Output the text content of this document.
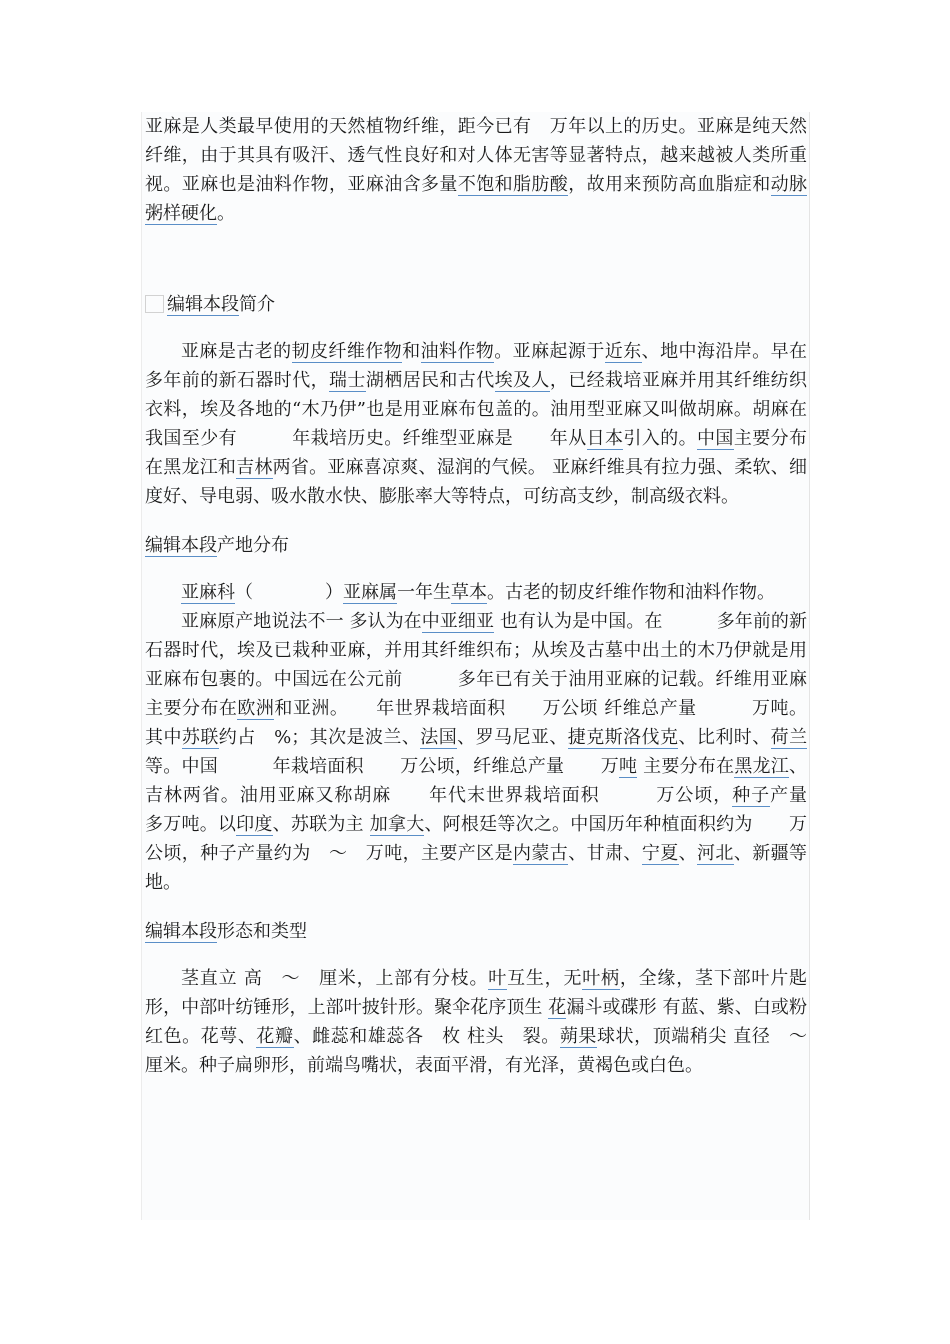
亚麻是人类最早使用的天然植物纤维，距今已有　万年以上的历史。亚麻是纯天然纤维，由于其具有吸汗、透气性良好和对人体无害等显著特点，越来越被人类所重视。亚麻也是油料作物，亚麻油含多量不饱和脂肪酸，故用来预防高血脂症和动脉粥样硬化。

编辑本段简介

亚麻是古老的韧皮纤维作物和油料作物。亚麻起源于近东、地中海沿岸。早在　　　多年前的新石器时代，瑞士湖栖居民和古代埃及人，已经栽培亚麻并用其纤维纺织衣料，埃及各地的“木乃伊”也是用亚麻布包盖的。油用型亚麻又叫做胡麻。胡麻在我国至少有　　　年栽培历史。纤维型亚麻是　　年从日本引入的。中国主要分布在黑龙江和吉林两省。亚麻喜凉爽、湿润的气候。 亚麻纤维具有拉力强、柔软、细度好、导电弱、吸水散水快、膨胀率大等特点，可纺高支纱，制高级衣料。

编辑本段产地分布

亚麻科（　　　　）亚麻属一年生草本。古老的韧皮纤维作物和油料作物。

亚麻原产地说法不一 多认为在中亚细亚 也有认为是中国。在　　　多年前的新石器时代，埃及已栽种亚麻，并用其纤维织布；从埃及古墓中出土的木乃伊就是用亚麻布包裹的。中国远在公元前　　　多年已有关于油用亚麻的记载。纤维用亚麻主要分布在欧洲和亚洲。　　年世界栽培面积　　万公顷 纤维总产量　　　万吨。其中苏联约占　%；其次是波兰、法国、罗马尼亚、捷克斯洛伐克、比利时、荷兰等。中国　　　年栽培面积　　万公顷，纤维总产量　　万吨 主要分布在黑龙江、吉林两省。油用亚麻又称胡麻　　年代末世界栽培面积　　　万公顷，种子产量　　多万吨。以印度、苏联为主 加拿大、阿根廷等次之。中国历年种植面积约为　　万公顷，种子产量约为　～　万吨，主要产区是内蒙古、甘肃、宁夏、河北、新疆等地。

编辑本段形态和类型

茎直立 高　～　厘米，上部有分枝。叶互生，无叶柄，全缘，茎下部叶片匙形，中部叶纺锤形，上部叶披针形。聚伞花序顶生 花漏斗或碟形 有蓝、紫、白或粉红色。花萼、花瓣、雌蕊和雄蕊各　枚 柱头　裂。蒴果球状，顶端稍尖 直径　～　厘米。种子扁卵形，前端鸟嘴状，表面平滑，有光泽，黄褐色或白色。
